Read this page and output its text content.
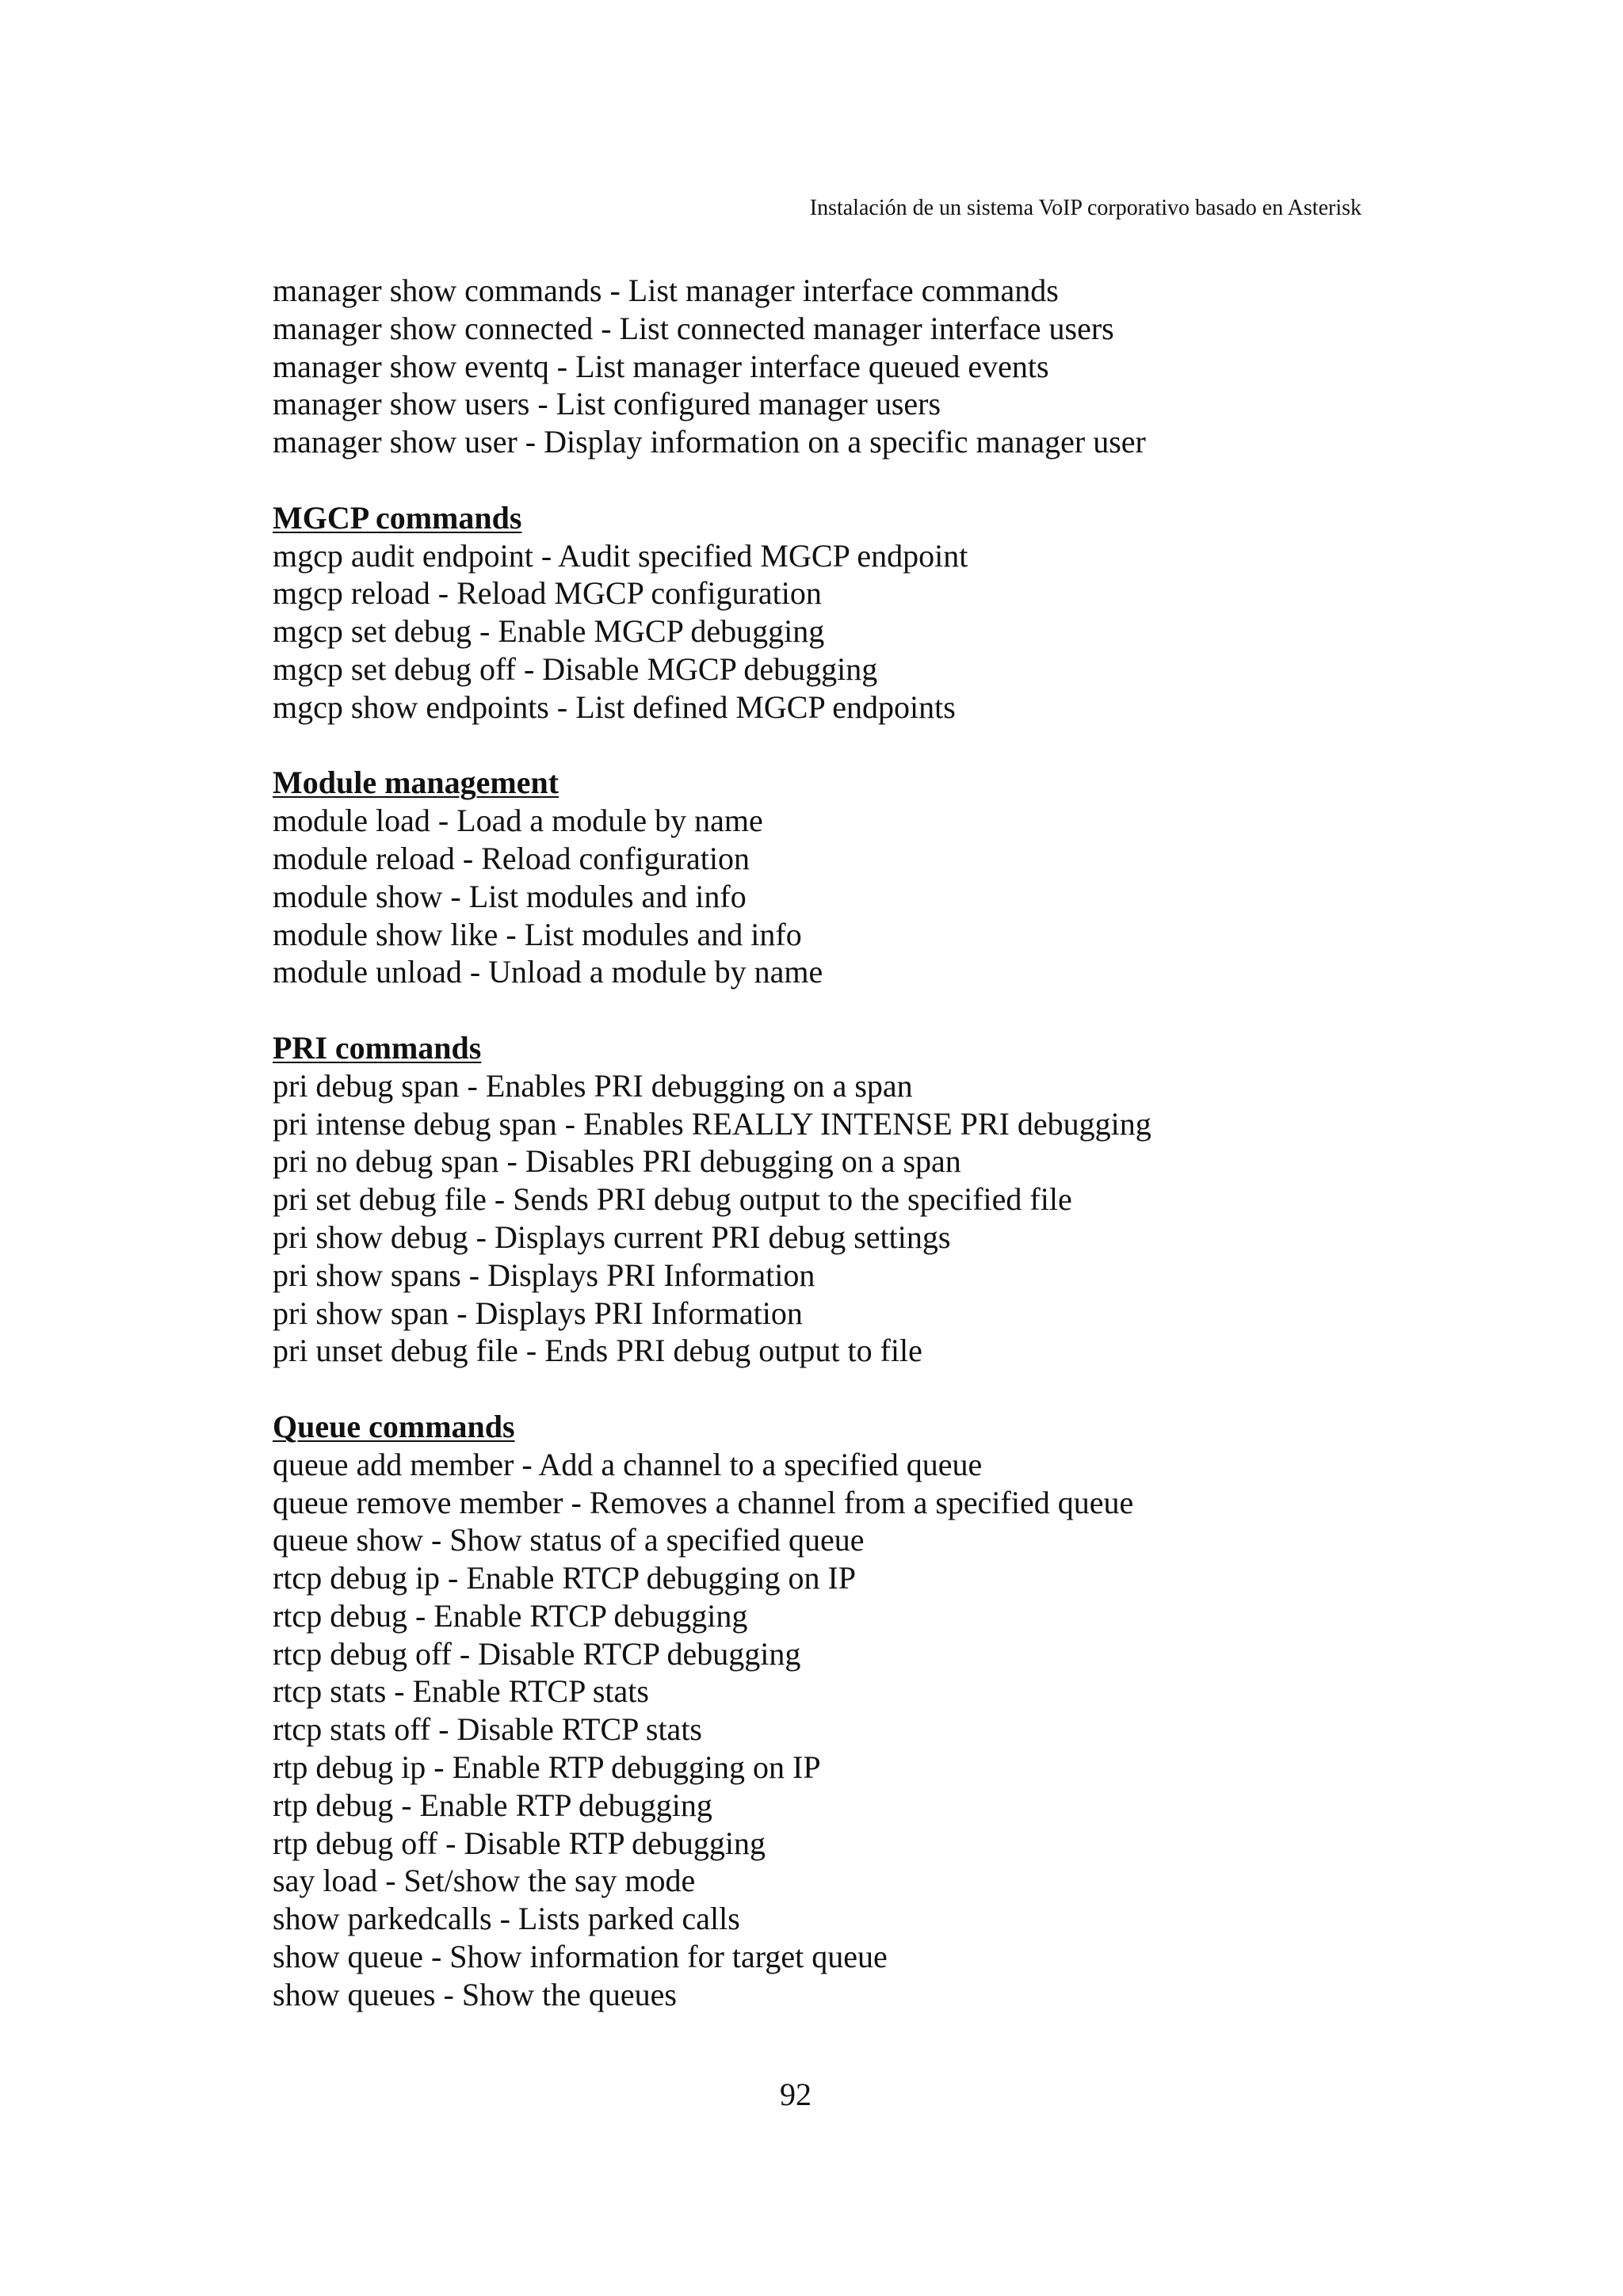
Instalación de un sistema VoIP corporativo basado en Asterisk
manager show commands - List manager interface commands
manager show connected - List connected manager interface users
manager show eventq - List manager interface queued events
manager show users - List configured manager users
manager show user - Display information on a specific manager user
MGCP commands
mgcp audit endpoint - Audit specified MGCP endpoint
mgcp reload - Reload MGCP configuration
mgcp set debug - Enable MGCP debugging
mgcp set debug off - Disable MGCP debugging
mgcp show endpoints - List defined MGCP endpoints
Module management
module load - Load a module by name
module reload - Reload configuration
module show - List modules and info
module show like - List modules and info
module unload - Unload a module by name
PRI commands
pri debug span - Enables PRI debugging on a span
pri intense debug span - Enables REALLY INTENSE PRI debugging
pri no debug span - Disables PRI debugging on a span
pri set debug file - Sends PRI debug output to the specified file
pri show debug - Displays current PRI debug settings
pri show spans - Displays PRI Information
pri show span - Displays PRI Information
pri unset debug file - Ends PRI debug output to file
Queue commands
queue add member - Add a channel to a specified queue
queue remove member - Removes a channel from a specified queue
queue show - Show status of a specified queue
rtcp debug ip - Enable RTCP debugging on IP
rtcp debug - Enable RTCP debugging
rtcp debug off - Disable RTCP debugging
rtcp stats - Enable RTCP stats
rtcp stats off - Disable RTCP stats
rtp debug ip - Enable RTP debugging on IP
rtp debug - Enable RTP debugging
rtp debug off - Disable RTP debugging
say load - Set/show the say mode
show parkedcalls - Lists parked calls
show queue - Show information for target queue
show queues - Show the queues
92
